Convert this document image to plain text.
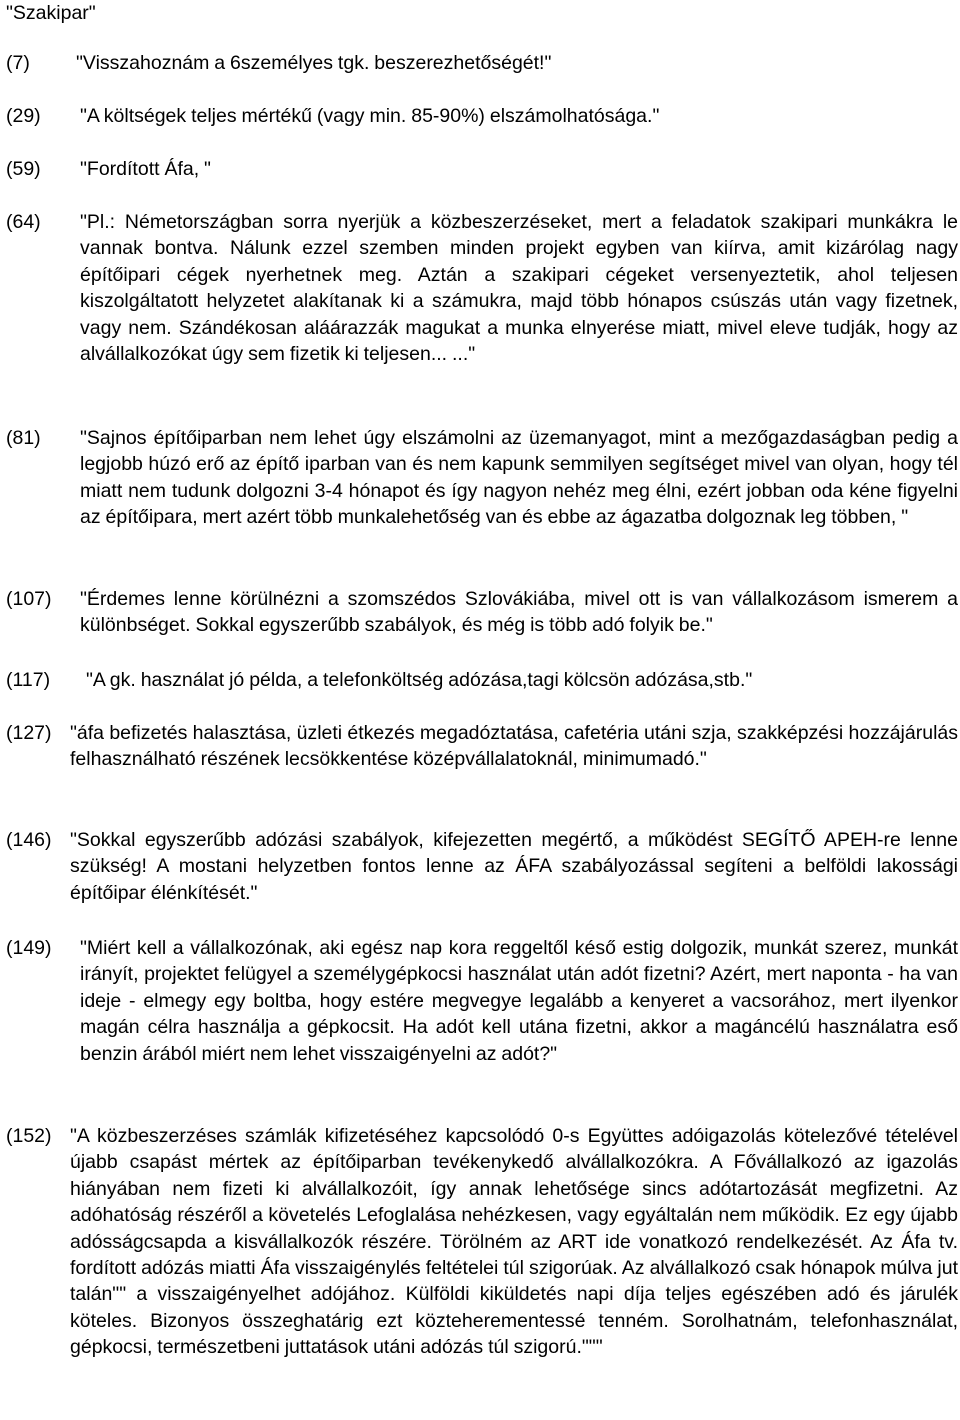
"Szakipar"
(7) "Visszahoznám a 6személyes tgk. beszerezhetőségét!"
(29) "A költségek teljes mértékű (vagy min. 85-90%) elszámolhatósága."
(59) "Fordított Áfa, "
(64) "Pl.: Németországban sorra nyerjük a közbeszerzéseket, mert a feladatok szakipari munkákra le vannak bontva. Nálunk ezzel szemben minden projekt egyben van kiírva, amit kizárólag nagy építőipari cégek nyerhetnek meg. Aztán a szakipari cégeket versenyeztetik, ahol teljesen kiszolgáltatott helyzetet alakítanak ki a számukra, majd több hónapos csúszás után vagy fizetnek, vagy nem. Szándékosan aláárazzák magukat a munka elnyerése miatt, mivel eleve tudják, hogy az alvállalkozókat úgy sem fizetik ki teljesen... ..."
(81) "Sajnos építőiparban nem lehet úgy elszámolni az üzemanyagot, mint a mezőgazdaságban pedig a legjobb húzó erő az építő iparban van és nem kapunk semmilyen segítséget mivel van olyan, hogy tél miatt nem tudunk dolgozni 3-4 hónapot és így nagyon nehéz meg élni, ezért jobban oda kéne figyelni az építőipara, mert azért több munkalehetőség van és ebbe az ágazatba dolgoznak leg többen, "
(107) "Érdemes lenne körülnézni a szomszédos Szlovákiába, mivel ott is van vállalkozásom ismerem a különbséget. Sokkal egyszerűbb szabályok, és még is több adó folyik be."
(117) "A gk. használat jó példa, a telefonköltség adózása,tagi kölcsön adózása,stb."
(127) "áfa befizetés halasztása, üzleti étkezés megadóztatása, cafetéria utáni szja, szakképzési hozzájárulás felhasználható részének lecsökkentése középvállalatoknál, minimumadó."
(146) "Sokkal egyszerűbb adózási szabályok, kifejezetten megértő, a működést SEGÍTŐ APEH-re lenne szükség! A mostani helyzetben fontos lenne az ÁFA szabályozással segíteni a belföldi lakossági építőipar élénkítését."
(149) "Miért kell a vállalkozónak, aki egész nap kora reggeltől késő estig dolgozik, munkát szerez, munkát irányít, projektet felügyel a személygépkocsi használat után adót fizetni? Azért, mert naponta - ha van ideje - elmegy egy boltba, hogy estére megvegye legalább a kenyeret a vacsorához, mert ilyenkor magán célra használja a gépkocsit. Ha adót kell utána fizetni, akkor a magáncélú használatra eső benzin árából miért nem lehet visszaigényelni az adót?"
(152) "A közbeszerzéses számlák kifizetéséhez kapcsolódó 0-s Együttes adóigazolás kötelezővé tételével újabb csapást mértek az építőiparban tevékenykedő alvállalkozókra. A Fővállalkozó az igazolás hiányában nem fizeti ki alvállalkozóit, így annak lehetősége sincs adótartozását megfizetni. Az adóhatóság részéről a követelés Lefoglalása nehézkesen, vagy egyáltalán nem működik. Ez egy újabb adósságcsapda a kisvállalkozók részére. Törölném az ART ide vonatkozó rendelkezését. Az Áfa tv. fordított adózás miatti Áfa visszaigénylés feltételei túl szigorúak. Az alvállalkozó csak hónapok múlva jut talán"" a visszaigényelhet adójához. Külföldi kiküldetés napi díja teljes egészében adó és járulék köteles. Bizonyos összeghatárig ezt közteherementessé tenném. Sorolhatnám, telefonhasználat, gépkocsi, természetbeni juttatások utáni adózás túl szigorú."""
